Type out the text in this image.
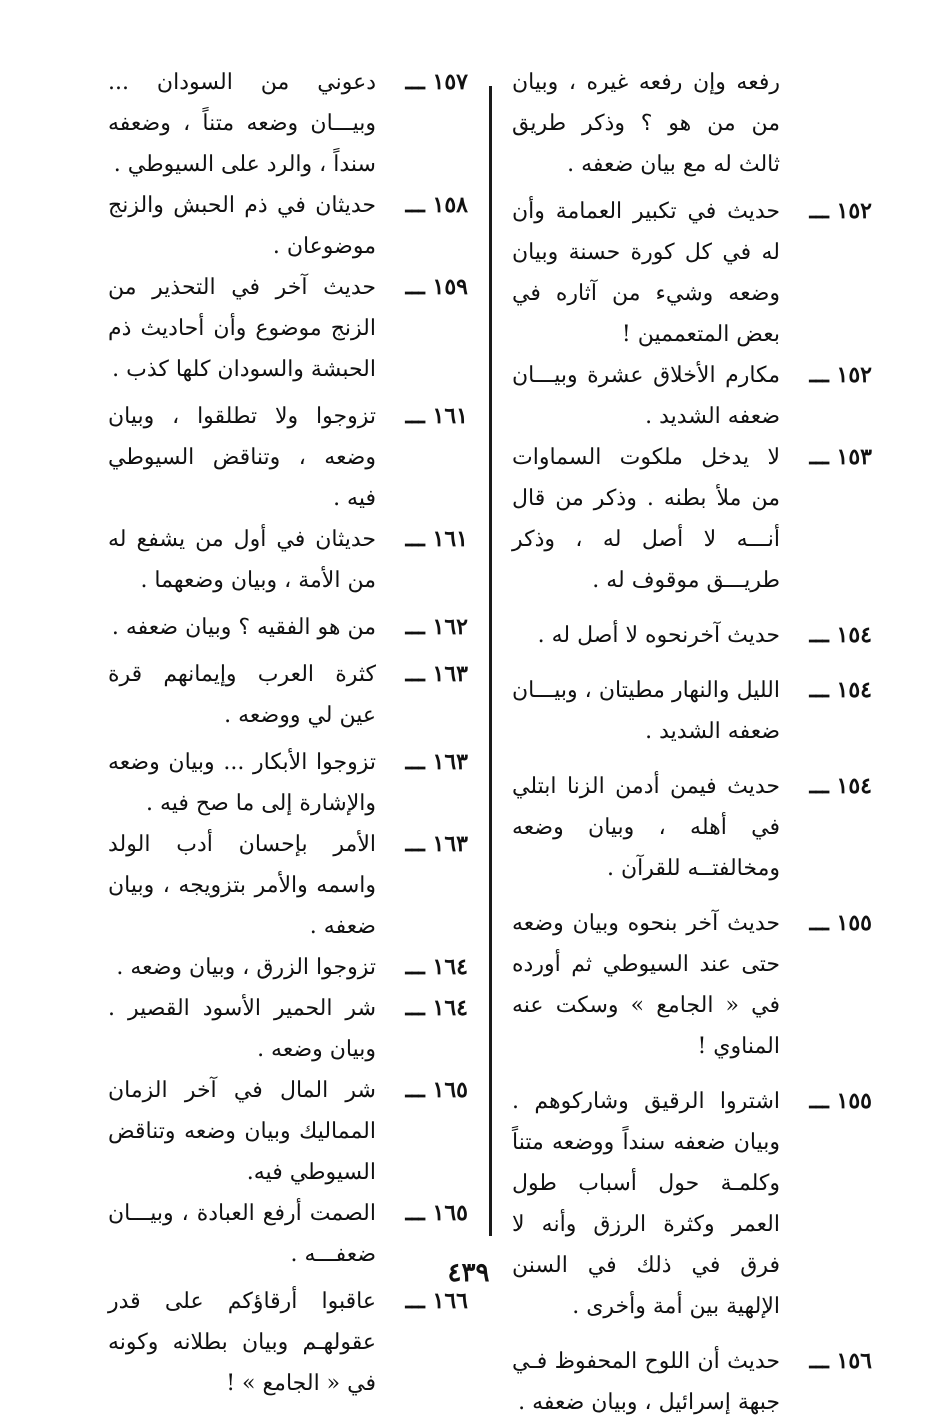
رفعه وإن رفعه غيره ، وبيان من من هو ؟ وذكر طريق ثالث له مع بيان ضعفه .

١٥٢ ـــ
حديث في تكبير العمامة وأن له في كل كورة حسنة وبيان وضعه وشيء من آثاره في بعض المتعممين !

١٥٢ ـــ
مكارم الأخلاق عشرة وبيـــان ضعفه الشديد .

١٥٣ ـــ
لا يدخل ملكوت السماوات من ملأ بطنه . وذكر من قال أنـــه لا أصل له ، وذكر طريـــق موقوف له .

١٥٤ ـــ
حديث آخرنحوه لا أصل له .

١٥٤ ـــ
الليل والنهار مطيتان ، وبيـــان ضعفه الشديد .

١٥٤ ـــ
حديث فيمن أدمن الزنا ابتلي في أهله ، وبيان وضعه ومخالفتــه للقرآن .

١٥٥ ـــ
حديث آخر بنحوه وبيان وضعه حتى عند السيوطي ثم أورده في « الجامع » وسكت عنه المناوي !

١٥٥ ـــ
اشتروا الرقيق وشاركوهم . وبيان ضعفه سنداً ووضعه متناً وكلمـة حول أسباب طول العمر وكثرة الرزق وأنه لا فرق في ذلك في السنن الإلهية بين أمة وأخرى .

١٥٦ ـــ
حديث أن اللوح المحفوظ فـي جبهة إسرائيل ، وبيان ضعفه .

١٥٧ ـــ
دعوني من السودان ... وبيـــان وضعه متناً ، وضعفه سنداً ، والرد على السيوطي .

١٥٨ ـــ
حديثان في ذم الحبش والزنج موضوعان .

١٥٩ ـــ
حديث آخر في التحذير من الزنج موضوع وأن أحاديث ذم الحبشة والسودان كلها كذب .

١٦١ ـــ
تزوجوا ولا تطلقوا ، وبيان وضعه ، وتناقض السيوطي فيه .

١٦١ ـــ
حديثان في أول من يشفع له من الأمة ، وبيان وضعهما .

١٦٢ ـــ
من هو الفقيه ؟ وبيان ضعفه .

١٦٣ ـــ
كثرة العرب وإيمانهم قرة عين لي ووضعه .

١٦٣ ـــ
تزوجوا الأبكار ... وبيان وضعه والإشارة إلى ما صح فيه .

١٦٣ ـــ
الأمر بإحسان أدب الولد واسمه والأمر بتزويجه ، وبيان ضعفه .

١٦٤ ـــ
تزوجوا الزرق ، وبيان وضعه .

١٦٤ ـــ
شر الحمير الأسود القصير . وبيان وضعه .

١٦٥ ـــ
شر المال في آخر الزمان المماليك وبيان وضعه وتناقض السيوطي فيه.

١٦٥ ـــ
الصمت أرفع العبادة ، وبيـــان ضعفـــه .

١٦٦ ـــ
عاقبوا أرقاؤكم على قدر عقولهـم وبيان بطلانه وكونه في « الجامع » !

٤٣٩
